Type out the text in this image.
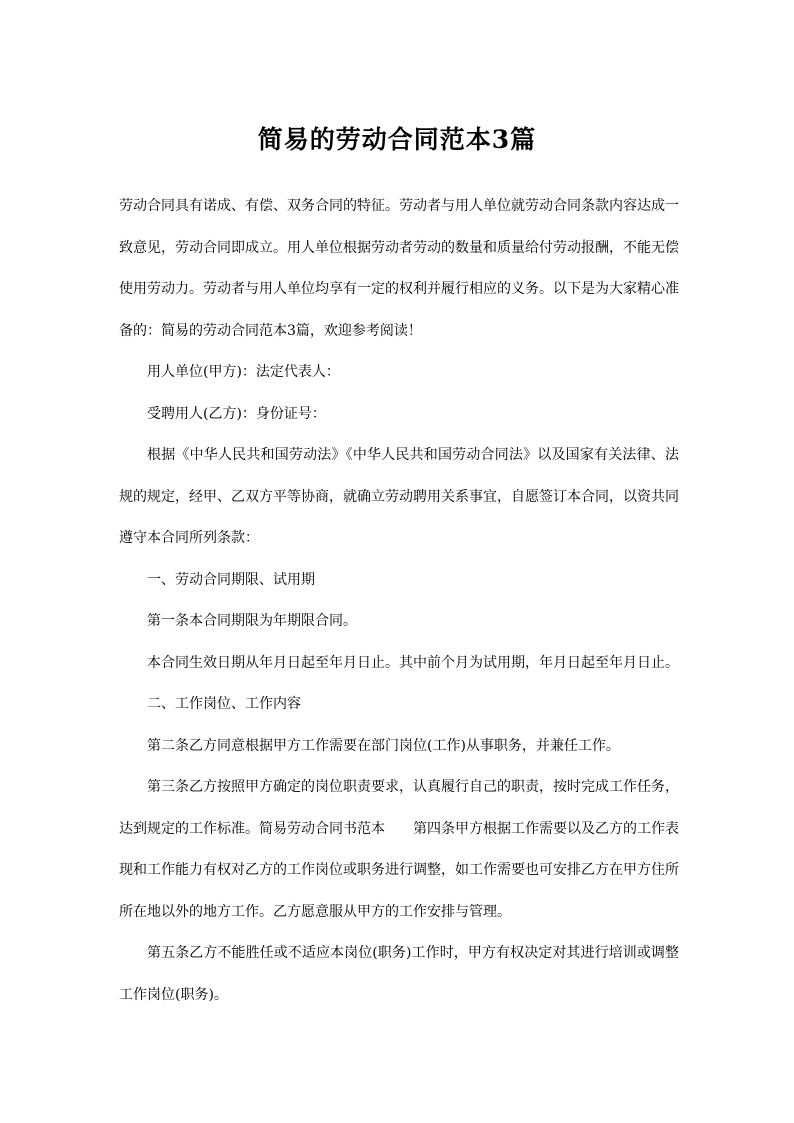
简易的劳动合同范本3篇

劳动合同具有诺成、有偿、双务合同的特征。劳动者与用人单位就劳动合同条款内容达成一致意见，劳动合同即成立。用人单位根据劳动者劳动的数量和质量给付劳动报酬，不能无偿使用劳动力。劳动者与用人单位均享有一定的权利并履行相应的义务。以下是为大家精心准备的：简易的劳动合同范本3篇，欢迎参考阅读！

用人单位(甲方)：法定代表人：

受聘用人(乙方)：身份证号：

根据《中华人民共和国劳动法》《中华人民共和国劳动合同法》以及国家有关法律、法规的规定，经甲、乙双方平等协商，就确立劳动聘用关系事宜，自愿签订本合同，以资共同遵守本合同所列条款：

一、劳动合同期限、试用期

第一条本合同期限为年期限合同。

本合同生效日期从年月日起至年月日止。其中前个月为试用期，年月日起至年月日止。

二、工作岗位、工作内容

第二条乙方同意根据甲方工作需要在部门岗位(工作)从事职务，并兼任工作。

第三条乙方按照甲方确定的岗位职责要求，认真履行自己的职责，按时完成工作任务，达到规定的工作标准。简易劳动合同书范本　　第四条甲方根据工作需要以及乙方的工作表现和工作能力有权对乙方的工作岗位或职务进行调整，如工作需要也可安排乙方在甲方住所所在地以外的地方工作。乙方愿意服从甲方的工作安排与管理。

第五条乙方不能胜任或不适应本岗位(职务)工作时，甲方有权决定对其进行培训或调整工作岗位(职务)。
